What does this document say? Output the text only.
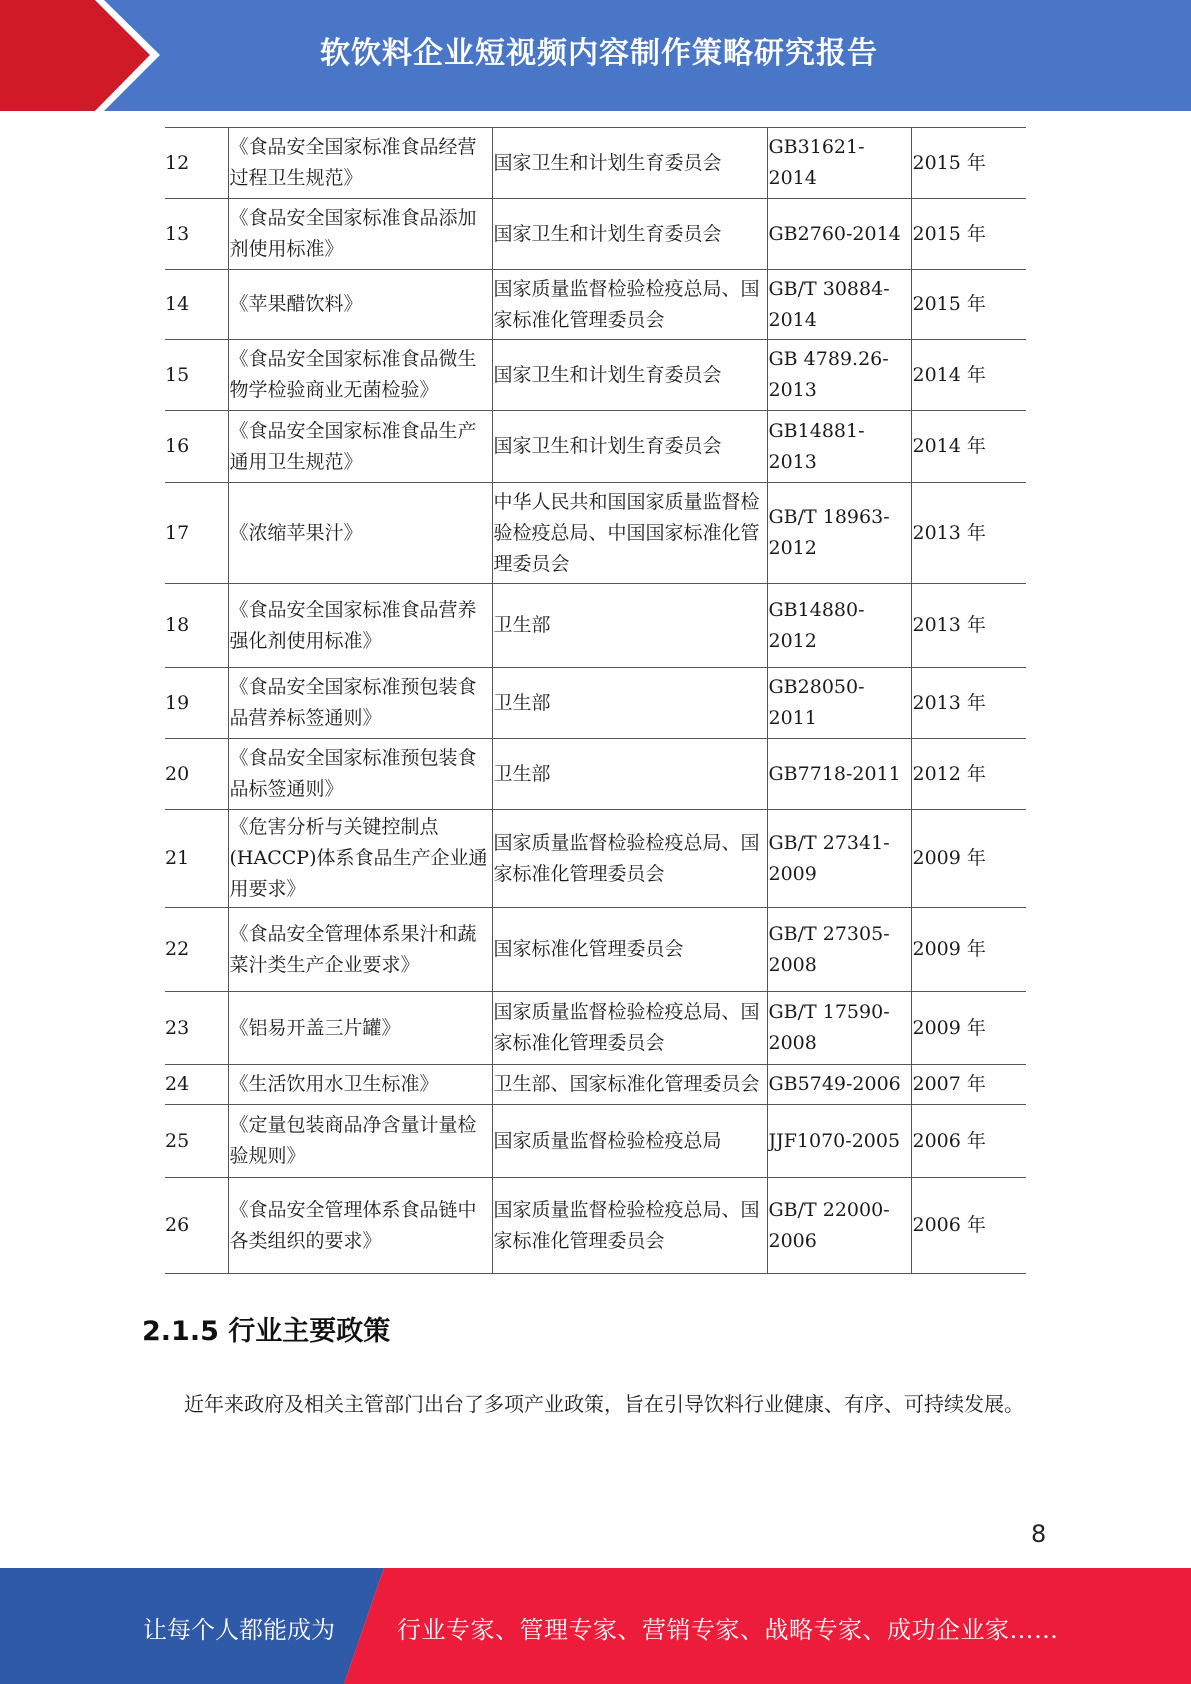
软饮料企业短视频内容制作策略研究报告
12	《食品安全国家标准食品经营过程卫生规范》	国家卫生和计划生育委员会	GB31621-2014	2015 年
13	《食品安全国家标准食品添加剂使用标准》	国家卫生和计划生育委员会	GB2760-2014	2015 年
14	《苹果醋饮料》	国家质量监督检验检疫总局、国家标准化管理委员会	GB/T 30884-2014	2015 年
15	《食品安全国家标准食品微生物学检验商业无菌检验》	国家卫生和计划生育委员会	GB 4789.26-2013	2014 年
16	《食品安全国家标准食品生产通用卫生规范》	国家卫生和计划生育委员会	GB14881-2013	2014 年
17	《浓缩苹果汁》	中华人民共和国国家质量监督检验检疫总局、中国国家标准化管理委员会	GB/T 18963-2012	2013 年
18	《食品安全国家标准食品营养强化剂使用标准》	卫生部	GB14880-2012	2013 年
19	《食品安全国家标准预包装食品营养标签通则》	卫生部	GB28050-2011	2013 年
20	《食品安全国家标准预包装食品标签通则》	卫生部	GB7718-2011	2012 年
21	《危害分析与关键控制点(HACCP)体系食品生产企业通用要求》	国家质量监督检验检疫总局、国家标准化管理委员会	GB/T 27341-2009	2009 年
22	《食品安全管理体系果汁和蔬菜汁类生产企业要求》	国家标准化管理委员会	GB/T 27305-2008	2009 年
23	《铝易开盖三片罐》	国家质量监督检验检疫总局、国家标准化管理委员会	GB/T 17590-2008	2009 年
24	《生活饮用水卫生标准》	卫生部、国家标准化管理委员会	GB5749-2006	2007 年
25	《定量包装商品净含量计量检验规则》	国家质量监督检验检疫总局	JJF1070-2005	2006 年
26	《食品安全管理体系食品链中各类组织的要求》	国家质量监督检验检疫总局、国家标准化管理委员会	GB/T 22000-2006	2006 年
2.1.5 行业主要政策
近年来政府及相关主管部门出台了多项产业政策，旨在引导饮料行业健康、有序、可持续发展。
8
让每个人都能成为	行业专家、管理专家、营销专家、战略专家、成功企业家……
